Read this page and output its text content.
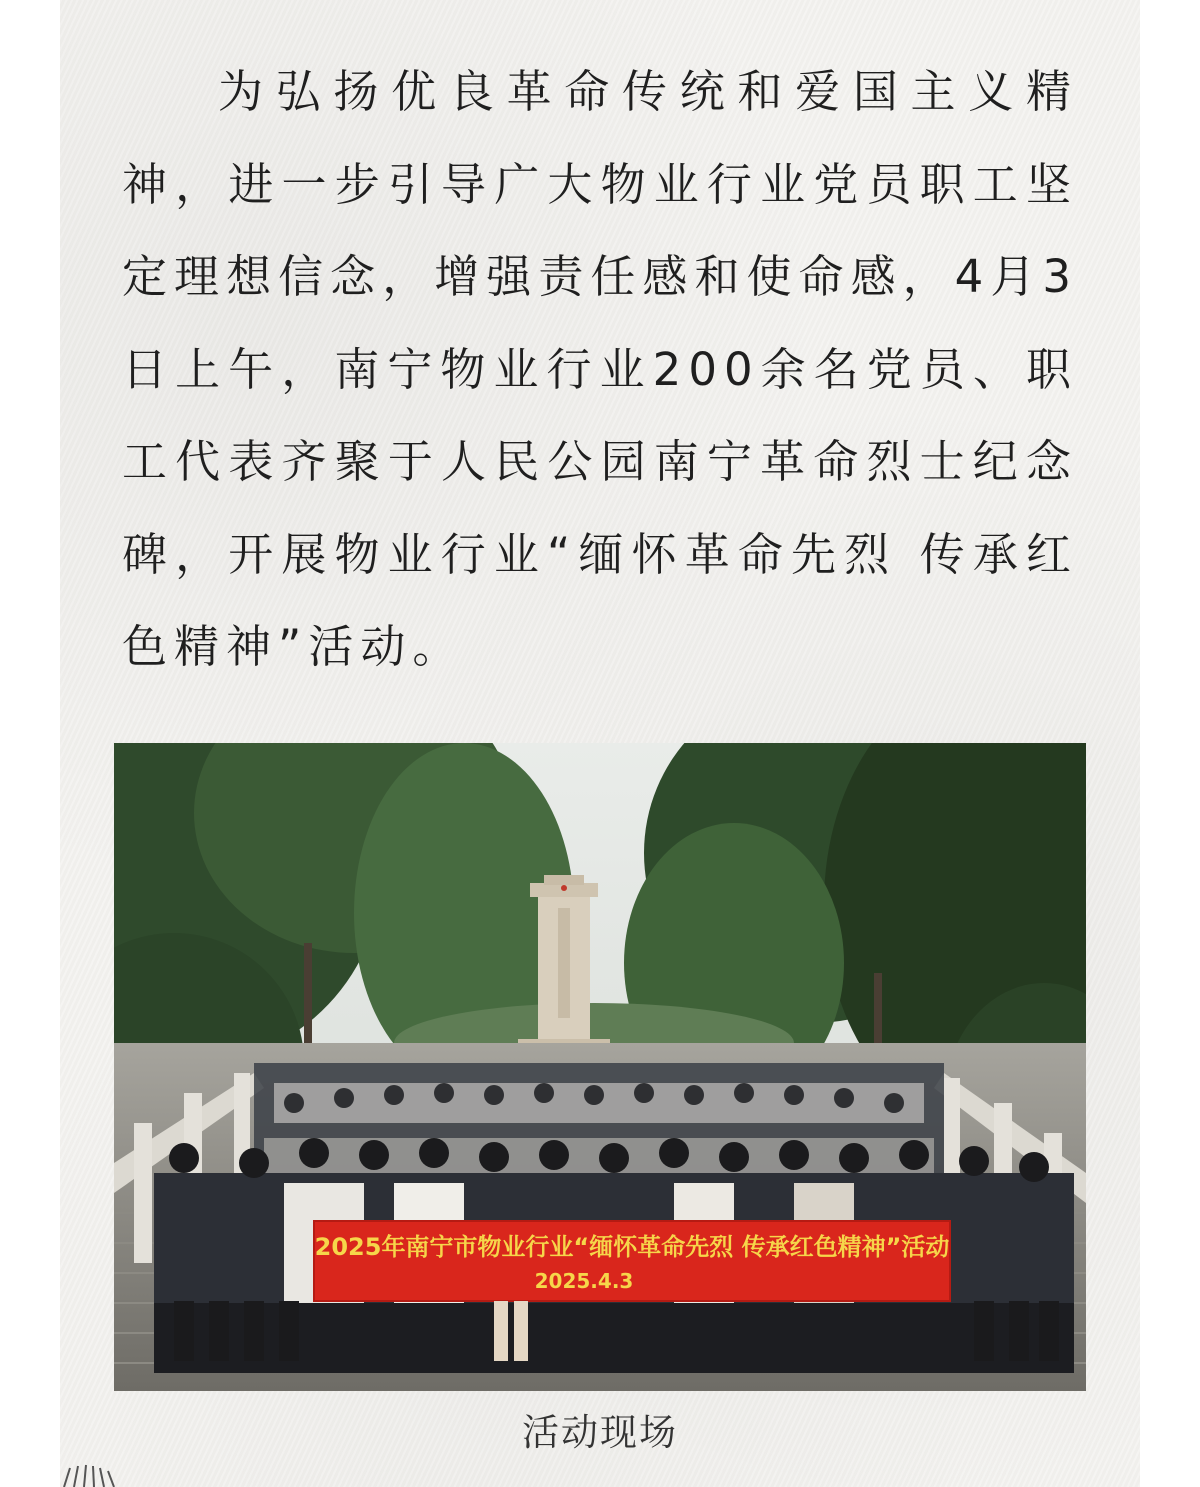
为弘扬优良革命传统和爱国主义精神，进一步引导广大物业行业党员职工坚定理想信念，增强责任感和使命感，4月3日上午，南宁物业行业200余名党员、职工代表齐聚于人民公园南宁革命烈士纪念碑，开展物业行业“缅怀革命先烈 传承红色精神”活动。

2025年南宁市物业行业“缅怀革命先烈 传承红色精神”活动
2025.4.3
活动现场
